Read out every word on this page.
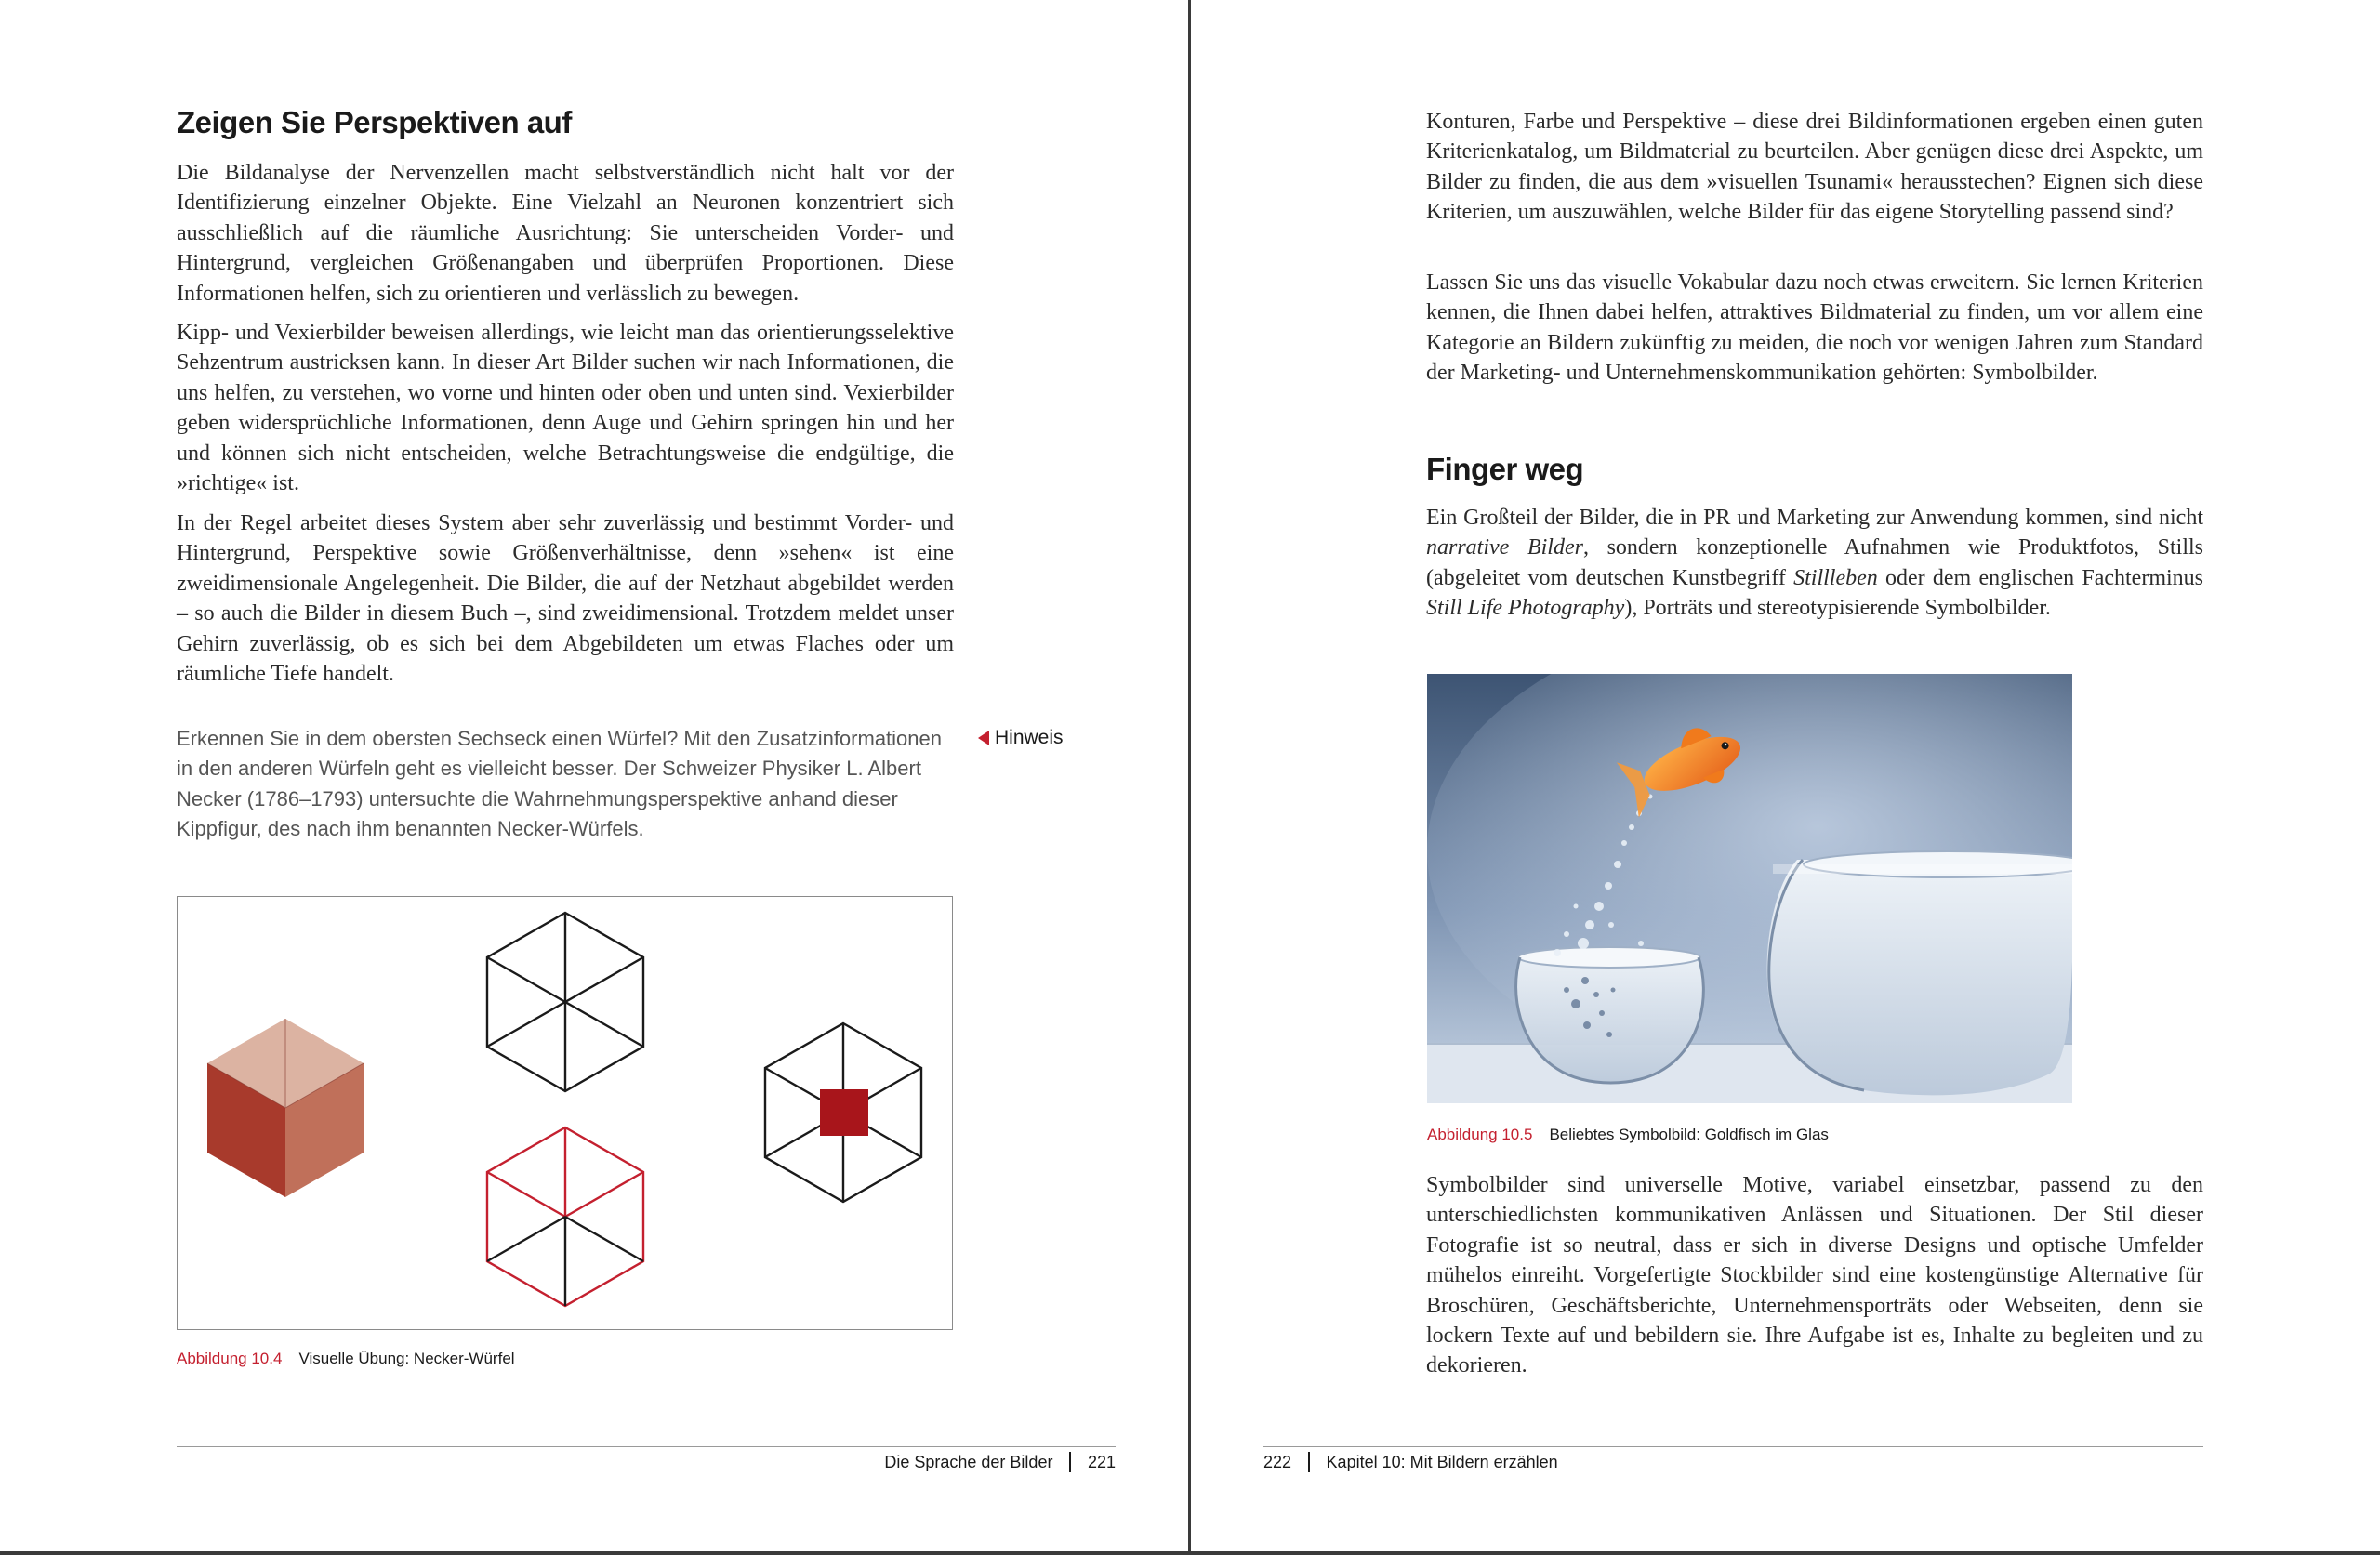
Zeigen Sie Perspektiven auf

Die Bildanalyse der Nervenzellen macht selbstverständlich nicht halt vor der Identifizierung einzelner Objekte. Eine Vielzahl an Neuronen konzentriert sich ausschließlich auf die räumliche Ausrichtung: Sie unterscheiden Vorder- und Hintergrund, vergleichen Größenangaben und überprüfen Proportionen. Diese Informationen helfen, sich zu orientieren und verlässlich zu bewegen.

Kipp- und Vexierbilder beweisen allerdings, wie leicht man das orientierungsselektive Sehzentrum austricksen kann. In dieser Art Bilder suchen wir nach Informationen, die uns helfen, zu verstehen, wo vorne und hinten oder oben und unten sind. Vexierbilder geben widersprüchliche Informationen, denn Auge und Gehirn springen hin und her und können sich nicht entscheiden, welche Betrachtungsweise die endgültige, die »richtige« ist.

In der Regel arbeitet dieses System aber sehr zuverlässig und bestimmt Vorder- und Hintergrund, Perspektive sowie Größenverhältnisse, denn »sehen« ist eine zweidimensionale Angelegenheit. Die Bilder, die auf der Netzhaut abgebildet werden – so auch die Bilder in diesem Buch –, sind zweidimensional. Trotzdem meldet unser Gehirn zuverlässig, ob es sich bei dem Abgebildeten um etwas Flaches oder um räumliche Tiefe handelt.

Erkennen Sie in dem obersten Sechseck einen Würfel? Mit den Zusatzinformationen in den anderen Würfeln geht es vielleicht besser. Der Schweizer Physiker L. Albert Necker (1786–1793) untersuchte die Wahrnehmungsperspektive anhand dieser Kippfigur, des nach ihm benannten Necker-Würfels.

Hinweis

Abbildung 10.4 Visuelle Übung: Necker-Würfel

Die Sprache der Bilder 221

Konturen, Farbe und Perspektive – diese drei Bildinformationen ergeben einen guten Kriterienkatalog, um Bildmaterial zu beurteilen. Aber genügen diese drei Aspekte, um Bilder zu finden, die aus dem »visuellen Tsunami« herausstechen? Eignen sich diese Kriterien, um auszuwählen, welche Bilder für das eigene Storytelling passend sind?

Lassen Sie uns das visuelle Vokabular dazu noch etwas erweitern. Sie lernen Kriterien kennen, die Ihnen dabei helfen, attraktives Bildmaterial zu finden, um vor allem eine Kategorie an Bildern zukünftig zu meiden, die noch vor wenigen Jahren zum Standard der Marketing- und Unternehmenskommunikation gehörten: Symbolbilder.

Finger weg

Ein Großteil der Bilder, die in PR und Marketing zur Anwendung kommen, sind nicht narrative Bilder, sondern konzeptionelle Aufnahmen wie Produktfotos, Stills (abgeleitet vom deutschen Kunstbegriff Stillleben oder dem englischen Fachterminus Still Life Photography), Porträts und stereotypisierende Symbolbilder.

Abbildung 10.5 Beliebtes Symbolbild: Goldfisch im Glas

Symbolbilder sind universelle Motive, variabel einsetzbar, passend zu den unterschiedlichsten kommunikativen Anlässen und Situationen. Der Stil dieser Fotografie ist so neutral, dass er sich in diverse Designs und optische Umfelder mühelos einreiht. Vorgefertigte Stockbilder sind eine kostengünstige Alternative für Broschüren, Geschäftsberichte, Unternehmensporträts oder Webseiten, denn sie lockern Texte auf und bebildern sie. Ihre Aufgabe ist es, Inhalte zu begleiten und zu dekorieren.

222 Kapitel 10: Mit Bildern erzählen
